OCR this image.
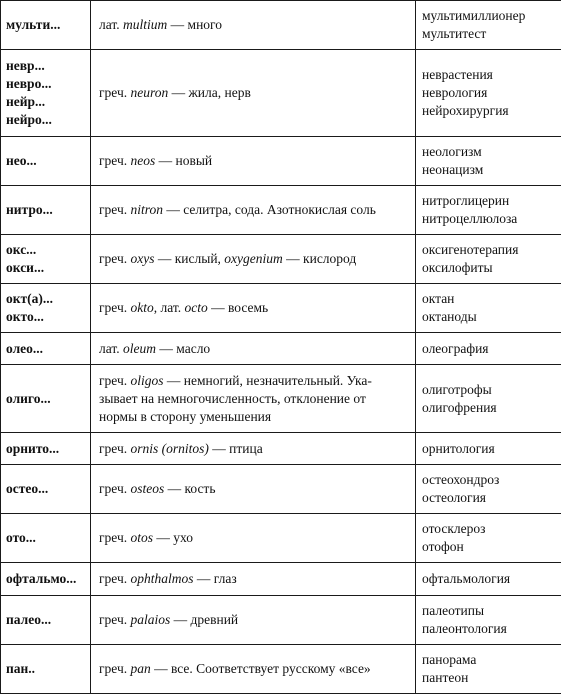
мульти...	лат. multium — много	мультимиллионер
мультитест

невр...
невро...
нейр...
нейро...	греч. neuron — жила, нерв	неврастения
неврология
нейрохирургия

нео...	греч. neos — новый	неологизм
неонацизм

нитро...	греч. nitron — селитра, сода. Азотнокислая соль	нитроглицерин
нитроцеллюлоза

окс...
окси...	греч. oxys — кислый, oxygenium — кислород	оксигенотерапия
оксилофиты

окт(а)...
окто...	греч. okto, лат. octo — восемь	октан
октаноды

олео...	лат. oleum — масло	олеография

олиго...	греч. oligos — немногий, незначительный. Ука-
зывает на немногочисленность, отклонение от
нормы в сторону уменьшения	олиготрофы
олигофрения

орнито...	греч. ornis (ornitos) — птица	орнитология

остео...	греч. osteos — кость	остеохондроз
остеология

ото...	греч. otos — ухо	отосклероз
отофон

офтальмо...	греч. ophthalmos — глаз	офтальмология

палео...	греч. palaios — древний	палеотипы
палеонтология

пан..	греч. pan — все. Соответствует русскому «все»	панорама
пантеон
